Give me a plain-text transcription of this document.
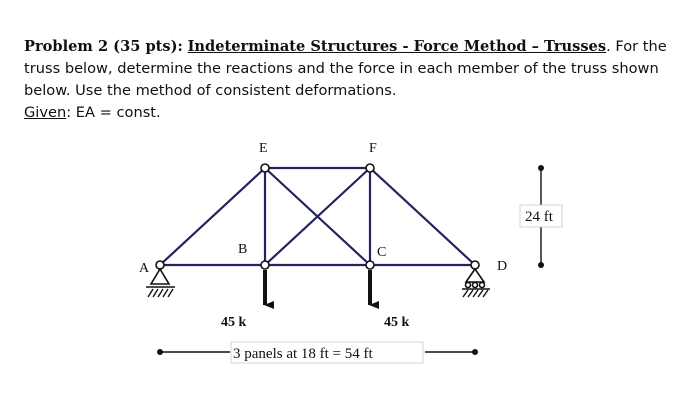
Problem 2 (35 pts): Indeterminate Structures - Force Method – Trusses. For the

truss below, determine the reactions and the force in each member of the truss shown

below. Use the method of consistent deformations.

Given: EA = const.

A
B	C
D
E	F
45 k	45 k
24 ft
3 panels at 18 ft = 54 ft
